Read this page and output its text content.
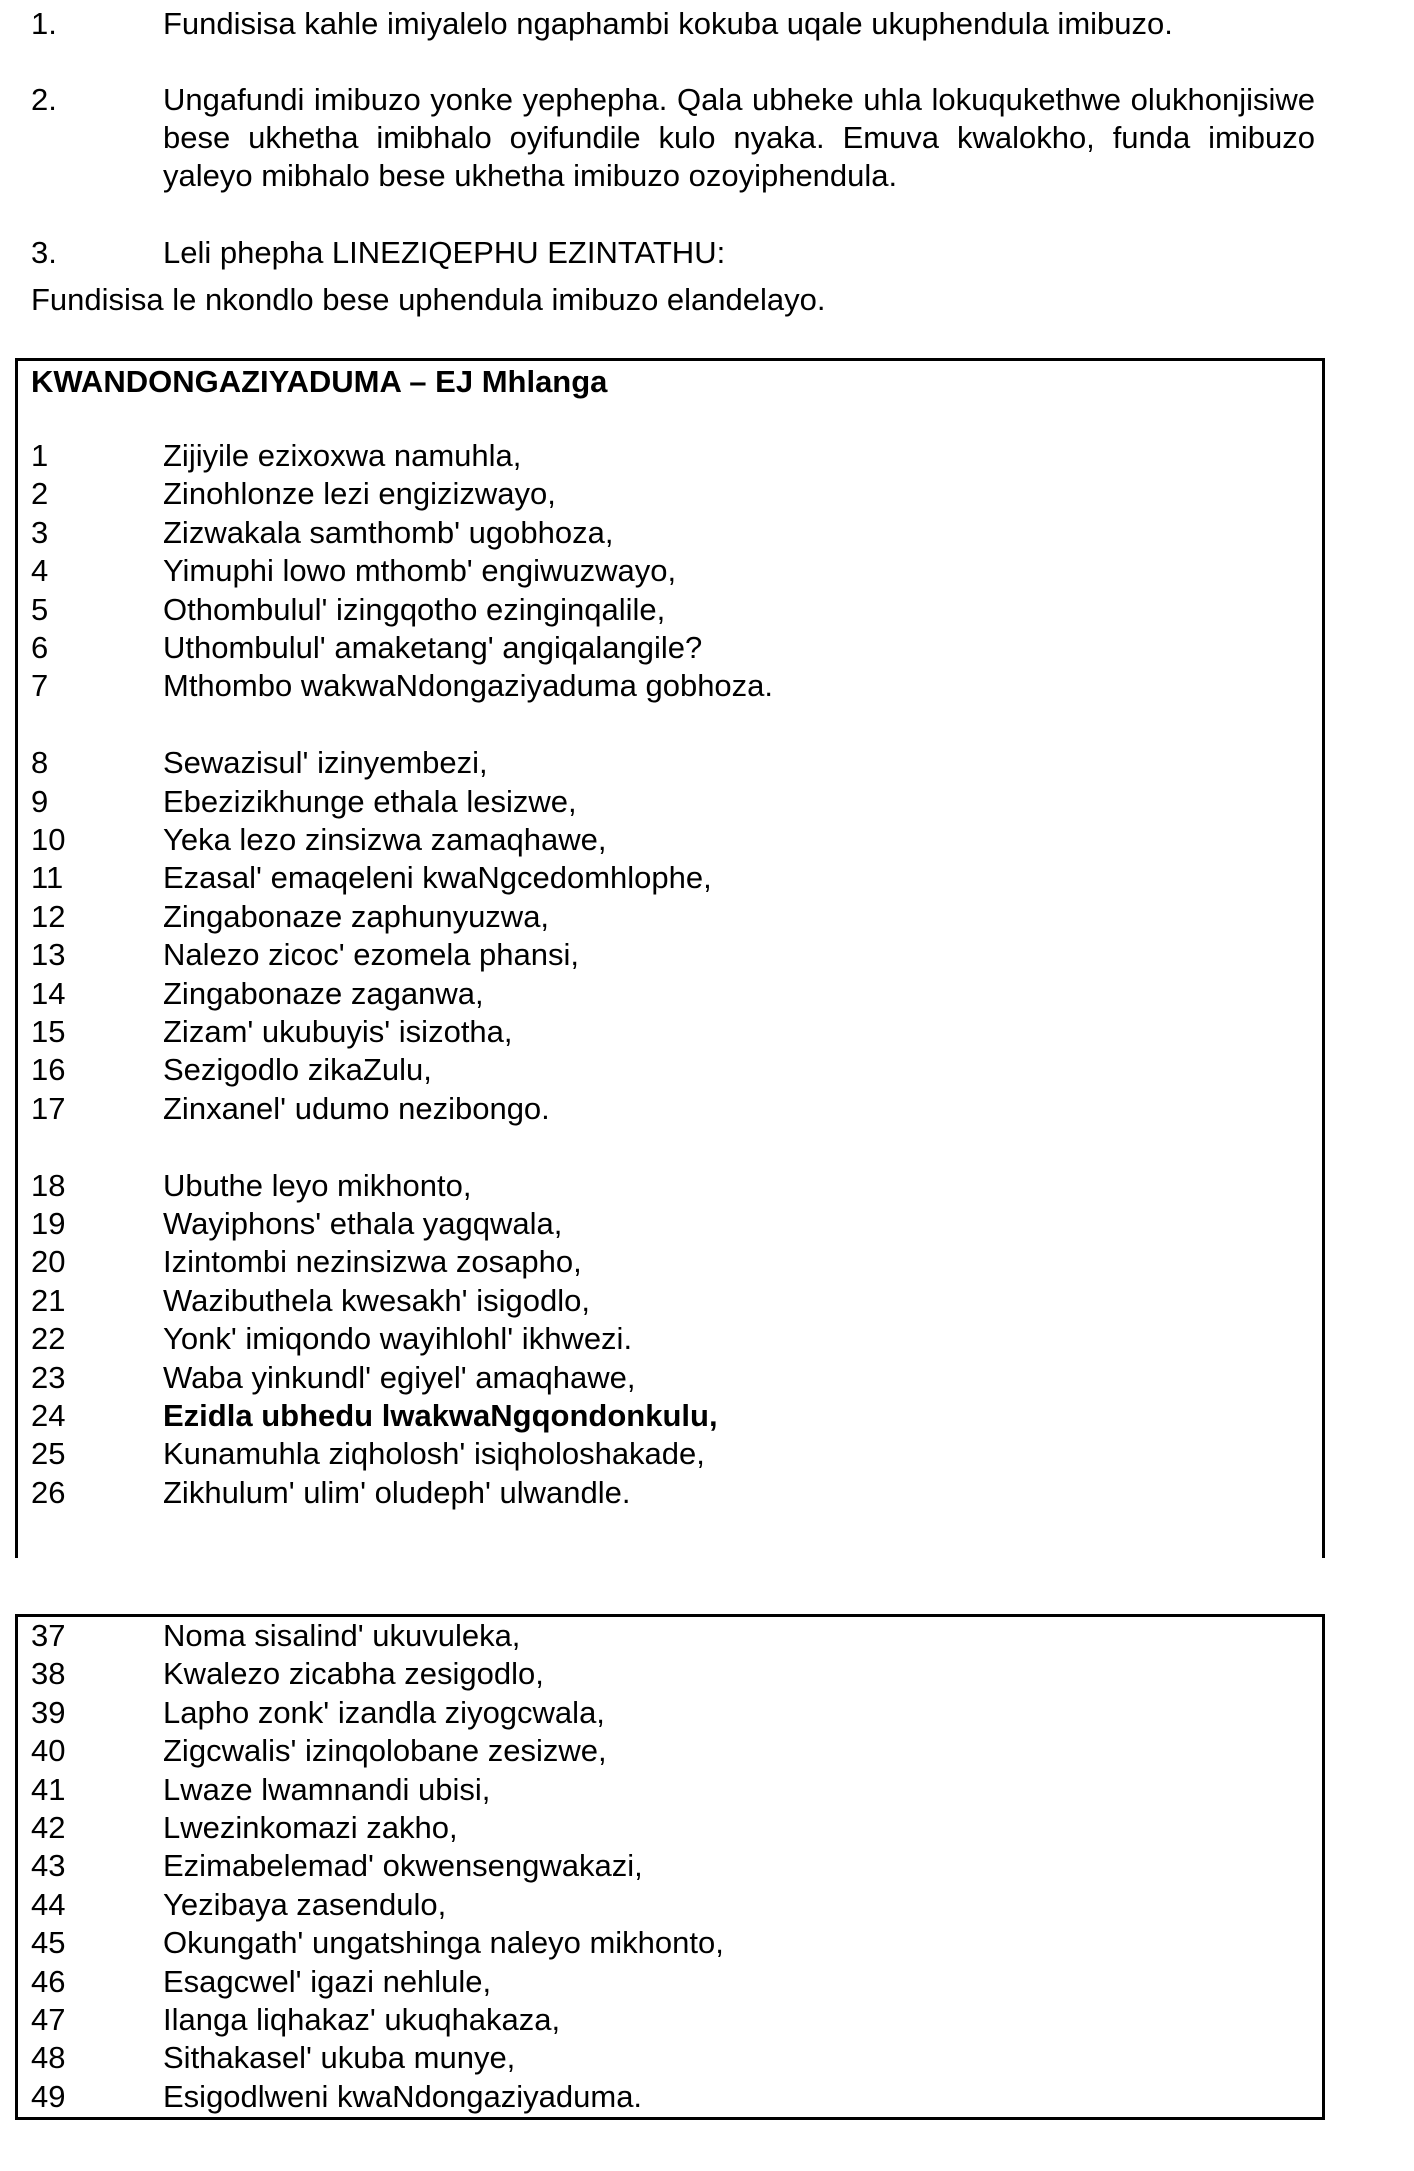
1.	Fundisisa kahle imiyalelo ngaphambi kokuba uqale ukuphendula imibuzo.
2.	Ungafundi imibuzo yonke yephepha. Qala ubheke uhla lokuqukethwe olukhonjisiwe bese ukhetha imibhalo oyifundile kulo nyaka. Emuva kwalokho, funda imibuzo yaleyo mibhalo bese ukhetha imibuzo ozoyiphendula.
3.	Leli phepha LINEZIQEPHU EZINTATHU:
Fundisisa le nkondlo bese uphendula imibuzo elandelayo.
KWANDONGAZIYADUMA – EJ Mhlanga
1	Zijiyile ezixoxwa namuhla,
2	Zinohlonze lezi engizizwayo,
3	Zizwakala samthomb' ugobhoza,
4	Yimuphi lowo mthomb' engiwuzwayo,
5	Othombulul' izingqotho ezinginqalile,
6	Uthombulul' amaketang' angiqalangile?
7	Mthombo wakwaNdongaziyaduma gobhoza.
8	Sewazisul' izinyembezi,
9	Ebezizikhunge ethala lesizwe,
10	Yeka lezo zinsizwa zamaqhawe,
11	Ezasal' emaqeleni kwaNgcedomhlophe,
12	Zingabonaze zaphunyuzwa,
13	Nalezo zicoc' ezomela phansi,
14	Zingabonaze zaganwa,
15	Zizam' ukubuyis' isizotha,
16	Sezigodlo zikaZulu,
17	Zinxanel' udumo nezibongo.
18	Ubuthe leyo mikhonto,
19	Wayiphons' ethala yagqwala,
20	Izintombi nezinsizwa zosapho,
21	Wazibuthela kwesakh' isigodlo,
22	Yonk' imiqondo wayihlohl' ikhwezi.
23	Waba yinkundl' egiyel' amaqhawe,
24	Ezidla ubhedu lwakwaNgqondonkulu,
25	Kunamuhla ziqholosh' isiqholoshakade,
26	Zikhulum' ulim' oludeph' ulwandle.

37	Noma sisalind' ukuvuleka,
38	Kwalezo zicabha zesigodlo,
39	Lapho zonk' izandla ziyogcwala,
40	Zigcwalis' izinqolobane zesizwe,
41	Lwaze lwamnandi ubisi,
42	Lwezinkomazi zakho,
43	Ezimabelemad' okwensengwakazi,
44	Yezibaya zasendulo,
45	Okungath' ungatshinga naleyo mikhonto,
46	Esagcwel' igazi nehlule,
47	Ilanga liqhakaz' ukuqhakaza,
48	Sithakasel' ukuba munye,
49	Esigodlweni kwaNdongaziyaduma.
